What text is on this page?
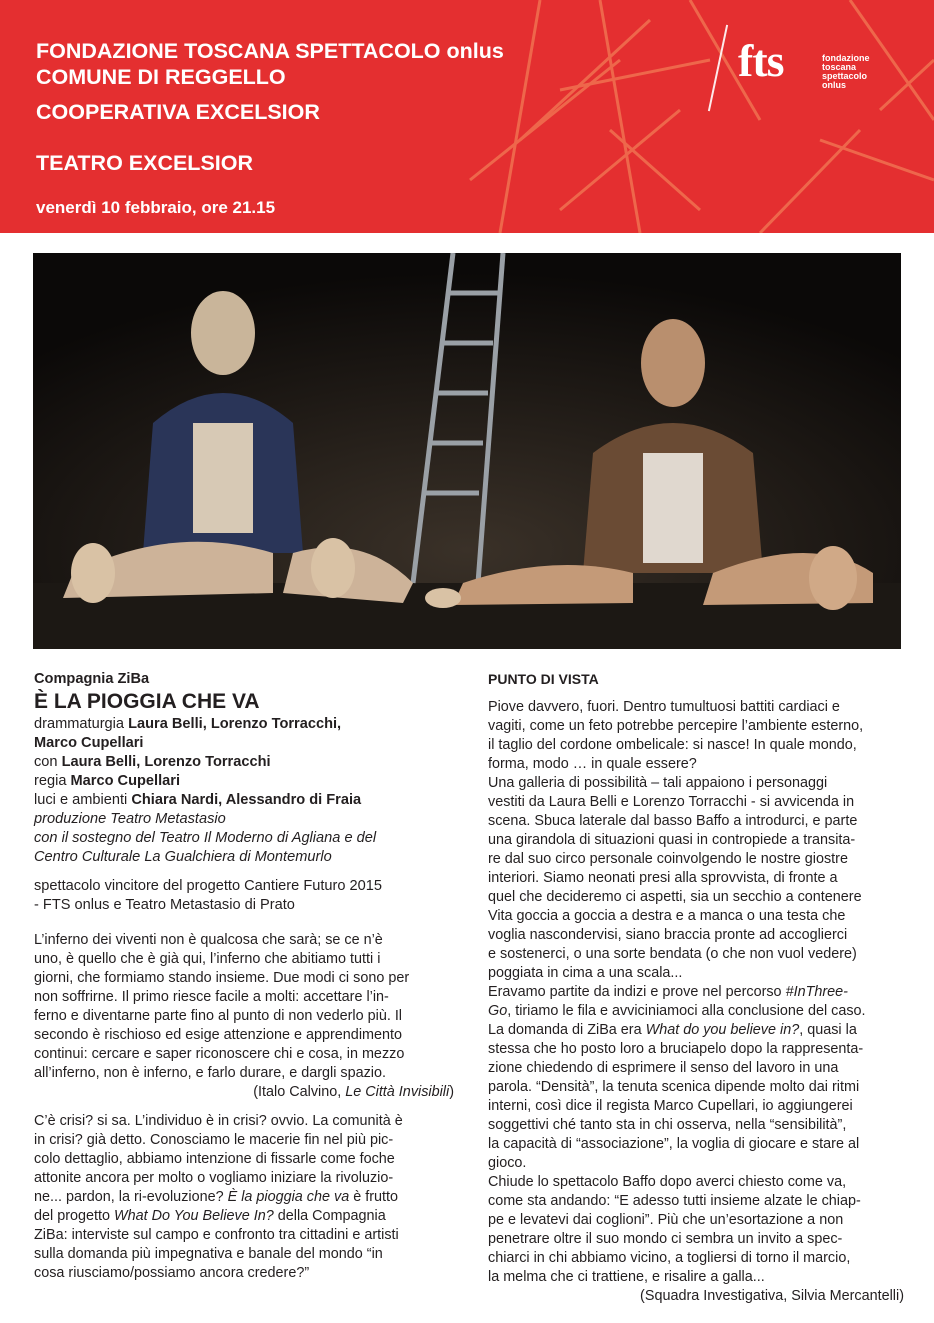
FONDAZIONE TOSCANA SPETTACOLO onlus
COMUNE DI REGGELLO
COOPERATIVA EXCELSIOR
TEATRO EXCELSIOR
venerdì 10 febbraio, ore 21.15
fts	fondazione
toscana
spettacolo
onlus

Compagnia ZiBa

È LA PIOGGIA CHE VA

drammaturgia Laura Belli, Lorenzo Torracchi,

Marco Cupellari

con Laura Belli, Lorenzo Torracchi

regia Marco Cupellari

luci e ambienti Chiara Nardi, Alessandro di Fraia

produzione Teatro Metastasio

con il sostegno del Teatro Il Moderno di Agliana e del

Centro Culturale La Gualchiera di Montemurlo

spettacolo vincitore del progetto Cantiere Futuro 2015

- FTS onlus e Teatro Metastasio di Prato

L’inferno dei viventi non è qualcosa che sarà; se ce n’è

uno, è quello che è già qui, l’inferno che abitiamo tutti i

giorni, che formiamo stando insieme. Due modi ci sono per

non soffrirne. Il primo riesce facile a molti: accettare l’in-

ferno e diventarne parte fino al punto di non vederlo più. Il

secondo è rischioso ed esige attenzione e apprendimento

continui: cercare e saper riconoscere chi e cosa, in mezzo

all’inferno, non è inferno, e farlo durare, e dargli spazio.

(Italo Calvino, Le Città Invisibili)

C’è crisi? si sa. L’individuo è in crisi? ovvio. La comunità è

in crisi? già detto. Conosciamo le macerie fin nel più pic-

colo dettaglio, abbiamo intenzione di fissarle come foche

attonite ancora per molto o vogliamo iniziare la rivoluzio-

ne... pardon, la ri-evoluzione? È la pioggia che va è frutto

del progetto What Do You Believe In? della Compagnia

ZiBa: interviste sul campo e confronto tra cittadini e artisti

sulla domanda più impegnativa e banale del mondo “in

cosa riusciamo/possiamo ancora credere?”

PUNTO DI VISTA

Piove davvero, fuori. Dentro tumultuosi battiti cardiaci e

vagiti, come un feto potrebbe percepire l’ambiente esterno,

il taglio del cordone ombelicale: si nasce! In quale mondo,

forma, modo … in quale essere?

Una galleria di possibilità – tali appaiono i personaggi

vestiti da Laura Belli e Lorenzo Torracchi - si avvicenda in

scena. Sbuca laterale dal basso Baffo a introdurci, e parte

una girandola di situazioni quasi in contropiede a transita-

re dal suo circo personale coinvolgendo le nostre giostre

interiori. Siamo neonati presi alla sprovvista, di fronte a

quel che decideremo ci aspetti, sia un secchio a contenere

Vita goccia a goccia a destra e a manca o una testa che

voglia nascondervisi, siano braccia pronte ad accoglierci

e sostenerci, o una sorte bendata (o che non vuol vedere)

poggiata in cima a una scala...

Eravamo partite da indizi e prove nel percorso #InThree-

Go, tiriamo le fila e avviciniamoci alla conclusione del caso.

La domanda di ZiBa era What do you believe in?, quasi la

stessa che ho posto loro a bruciapelo dopo la rappresenta-

zione chiedendo di esprimere il senso del lavoro in una

parola. “Densità”, la tenuta scenica dipende molto dai ritmi

interni, così dice il regista Marco Cupellari, io aggiungerei

soggettivi ché tanto sta in chi osserva, nella “sensibilità”,

la capacità di “associazione”, la voglia di giocare e stare al

gioco.

Chiude lo spettacolo Baffo dopo averci chiesto come va,

come sta andando: “E adesso tutti insieme alzate le chiap-

pe e levatevi dai coglioni”. Più che un’esortazione a non

penetrare oltre il suo mondo ci sembra un invito a spec-

chiarci in chi abbiamo vicino, a togliersi di torno il marcio,

la melma che ci trattiene, e risalire a galla...

(Squadra Investigativa, Silvia Mercantelli)
